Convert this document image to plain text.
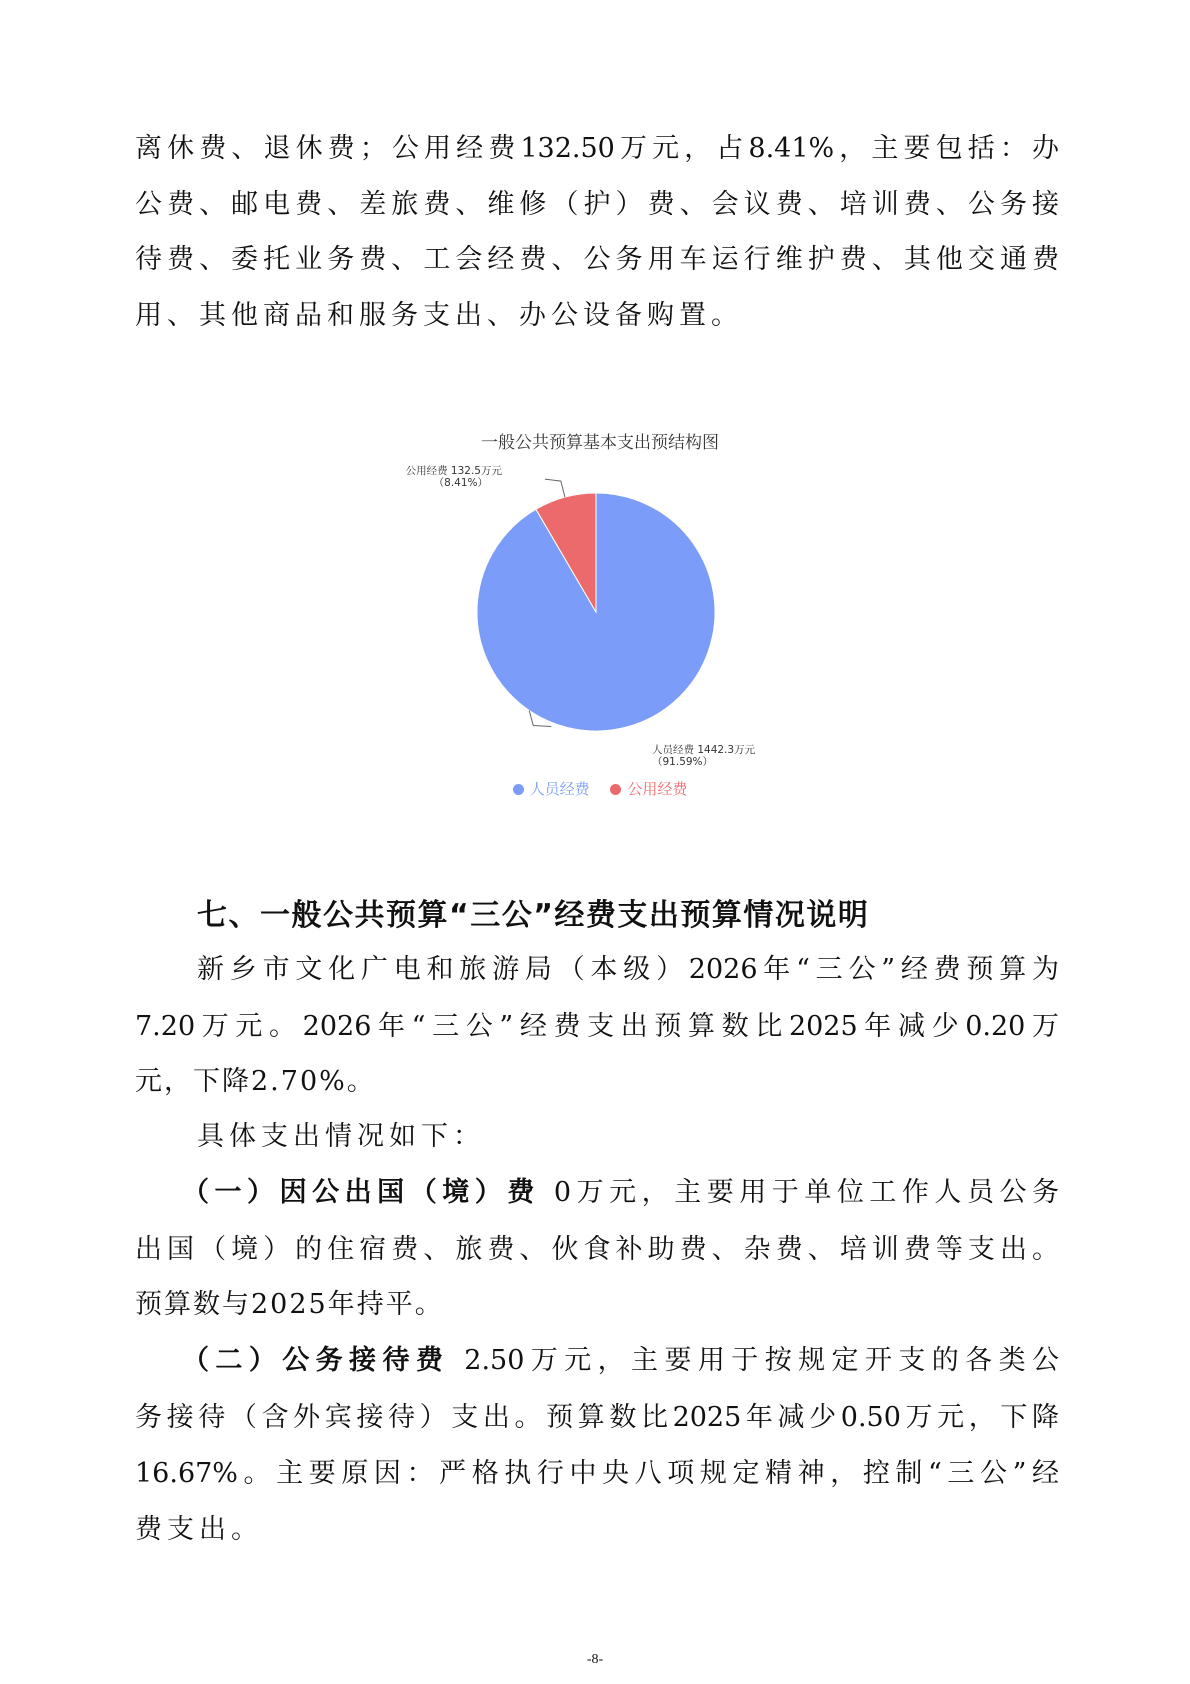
离休费、退休费；公用经费132.50万元，占8.41%，主要包括：办
公费、邮电费、差旅费、维修（护）费、会议费、培训费、公务接
待费、委托业务费、工会经费、公务用车运行维护费、其他交通费
用、其他商品和服务支出、办公设备购置。
一般公共预算基本支出预结构图
公用经费 132.5万元
（8.41%）
人员经费 1442.3万元
（91.59%）
人员经费	公用经费
七、一般公共预算“三公”经费支出预算情况说明
新乡市文化广电和旅游局（本级）2026年“三公”经费预算为
7.20万元。2026年“三公”经费支出预算数比2025年减少0.20万
元，下降2.70%。
具体支出情况如下：
（一）因公出国（境）费 0万元，主要用于单位工作人员公务
出国（境）的住宿费、旅费、伙食补助费、杂费、培训费等支出。
预算数与2025年持平。
（二）公务接待费 2.50万元，主要用于按规定开支的各类公
务接待（含外宾接待）支出。预算数比2025年减少0.50万元，下降
16.67%。主要原因：严格执行中央八项规定精神，控制“三公”经
费支出。
-8-
